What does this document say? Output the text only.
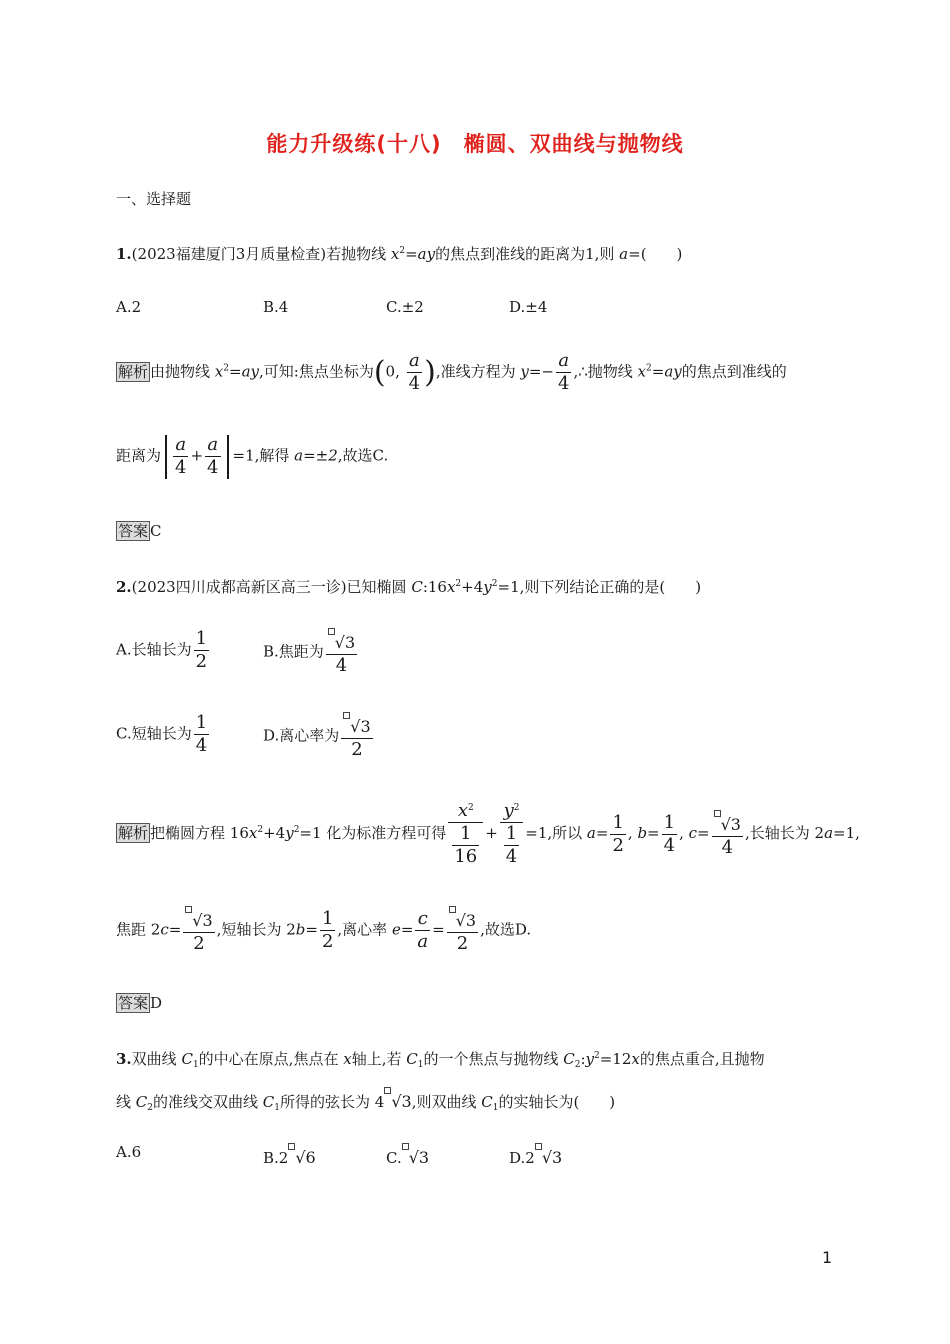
能力升级练(十八)　椭圆、双曲线与抛物线
一、选择题
1.(2023福建厦门3月质量检查)若抛物线 $x^2=ay$的焦点到准线的距离为1,则 a=(　　)
A.2	B.4	C.±2	D.±4
解析 由抛物线 $x^2=ay$,可知:焦点坐标为(0, $\frac{a}{4}$ ),准线方程为 $y=- \frac{a}{4}$ ,∴抛物线 $x^2=ay$的焦点到准线的
距离为 $\frac{a}{4} + \frac{a}{4} =1$,解得 a=±2,故选C.
答案 C
2.(2023四川成都高新区高三一诊)已知椭圆 $C:16x^2+4y^2=1$,则下列结论正确的是(　　)
A.长轴长为 $\frac{1}{2}$	B.焦距为 $\frac{√3}{4}$
C.短轴长为 $\frac{1}{4}$	D.离心率为 $\frac{√3}{2}$
解析 把椭圆方程 $16x^2+4y^2=1$ 化为标准方程可得 $\frac{x^2}{\frac{1}{16}} + \frac{y^2}{\frac{1}{4}} =1$,所以 $a= \frac{1}{2}$ , $b= \frac{1}{4}$ , $c= \frac{√3}{4}$ ,长轴长为 2a=1,
焦距 $2c= \frac{√3}{2}$ ,短轴长为 $2b= \frac{1}{2}$ ,离心率 $e= \frac{c}{a} = \frac{√3}{2}$ ,故选D.
答案 D
3.双曲线 $C_1$的中心在原点,焦点在 x轴上,若 $C_1$的一个焦点与抛物线 $C_2:y^2=12x$的焦点重合,且抛物
线 $C_2$的准线交双曲线 $C_1$所得的弦长为 4 √3,则双曲线 $C_1$的实轴长为(　　)
A.6	B.2 √6	C. √3	D.2 √3
1
